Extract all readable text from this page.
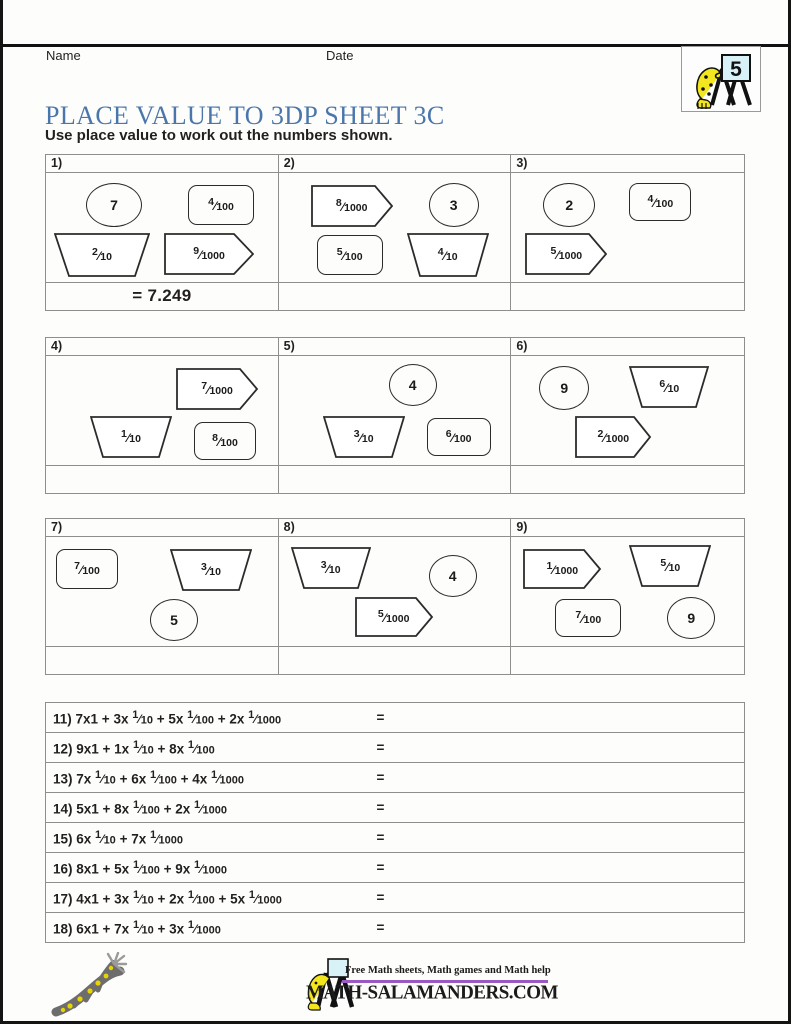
Name	Date
PLACE VALUE TO 3DP SHEET 3C
Use place value to work out the numbers shown.
5
1)	2)	3)

7	4⁄100
2⁄10
9⁄1000

8⁄1000	3
5⁄100	4⁄10

2	4⁄100
5⁄1000

= 7.249		

4)	5)	6)

7⁄1000
1⁄10	8⁄100

4
3⁄10	6⁄100

9	6⁄10
2⁄1000

7)	8)	9)

7⁄100	3⁄10
5

3⁄10	4
5⁄1000

1⁄1000
5⁄10
7⁄100	9

11) 7x1 + 3x 1⁄10 + 5x 1⁄100 + 2x 1⁄1000	=
12) 9x1 + 1x 1⁄10 + 8x 1⁄100	=
13) 7x 1⁄10 + 6x 1⁄100 + 4x 1⁄1000	=
14) 5x1 + 8x 1⁄100 + 2x 1⁄1000	=
15) 6x 1⁄10 + 7x 1⁄1000	=
16) 8x1 + 5x 1⁄100 + 9x 1⁄1000	=
17) 4x1 + 3x 1⁄10 + 2x 1⁄100 + 5x 1⁄1000	=
18) 6x1 + 7x 1⁄10 + 3x 1⁄1000	=
Free Math sheets, Math games and Math help
MATH-SALAMANDERS.COM
